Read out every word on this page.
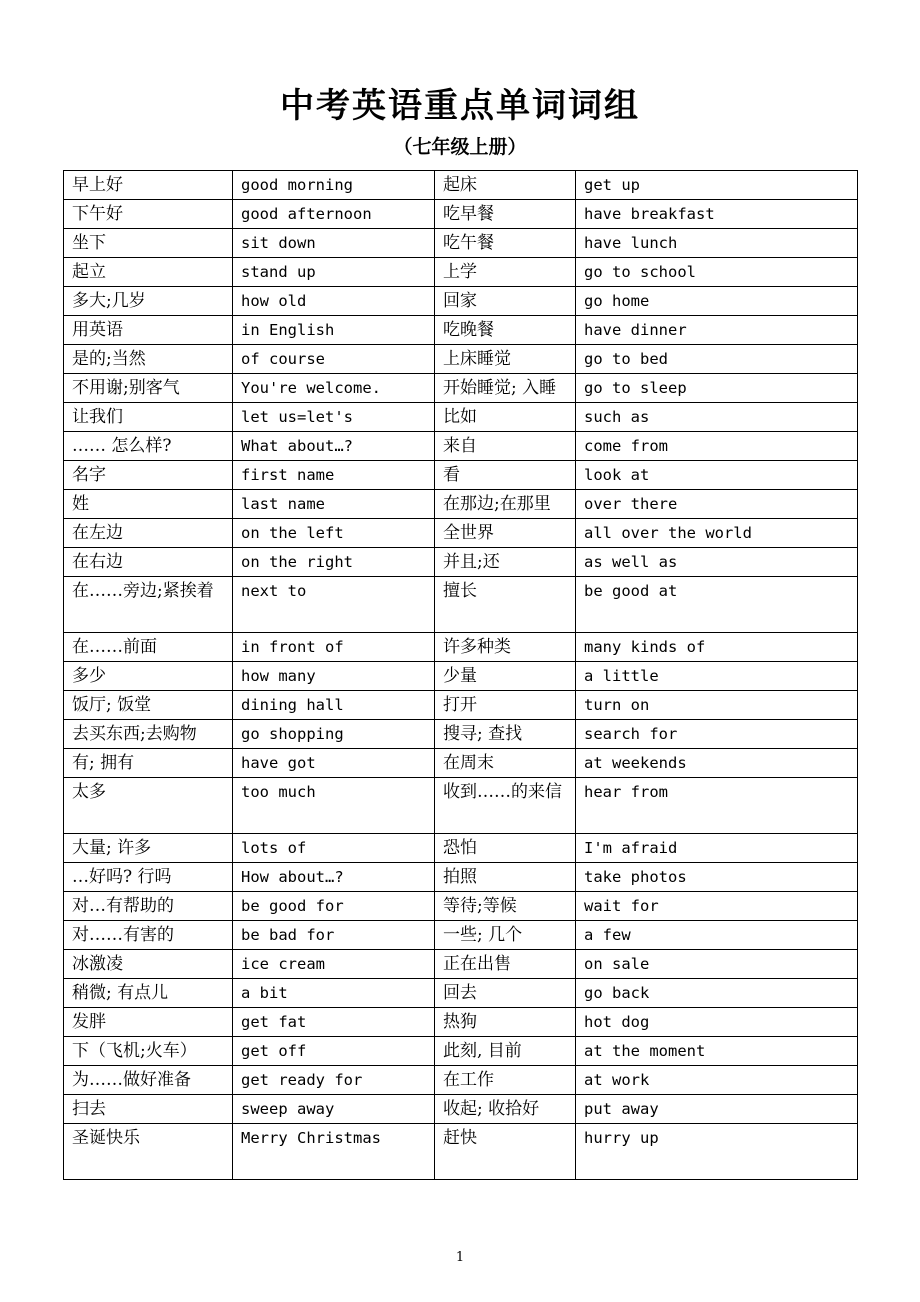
中考英语重点单词词组
（七年级上册）
早上好	good morning	起床	get up
下午好	good afternoon	吃早餐	have breakfast
坐下	sit down	吃午餐	have lunch
起立	stand up	上学	go to school
多大;几岁	how old	回家	go home
用英语	in English	吃晚餐	have dinner
是的;当然	of course	上床睡觉	go to bed
不用谢;别客气	You're welcome.	开始睡觉; 入睡	go to sleep
让我们	let us=let's	比如	such as
…… 怎么样?	What about…?	来自	come from
名字	first name	看	look at
姓	last name	在那边;在那里	over there
在左边	on the left	全世界	all over the world
在右边	on the right	并且;还	as well as
在……旁边;紧挨着	next to	擅长	be good at
在……前面	in front of	许多种类	many kinds of
多少	how many	少量	a little
饭厅; 饭堂	dining hall	打开	turn on
去买东西;去购物	go shopping	搜寻; 查找	search for
有; 拥有	have got	在周末	at weekends
太多	too much	收到……的来信	hear from
大量; 许多	lots of	恐怕	I'm afraid
…好吗? 行吗	How about…?	拍照	take photos
对…有帮助的	be good for	等待;等候	wait for
对……有害的	be bad for	一些; 几个	a few
冰激凌	ice cream	正在出售	on sale
稍微; 有点儿	a bit	回去	go back
发胖	get fat	热狗	hot dog
下（飞机;火车）	get off	此刻, 目前	at the moment
为……做好准备	get ready for	在工作	at work
扫去	sweep away	收起; 收拾好	put away
圣诞快乐	Merry Christmas	赶快	hurry up
1
